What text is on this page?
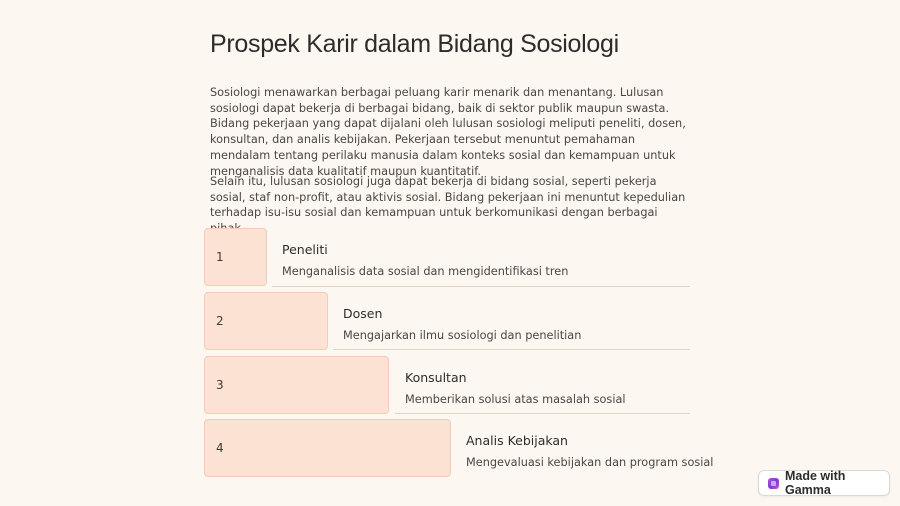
Prospek Karir dalam Bidang Sosiologi

Sosiologi menawarkan berbagai peluang karir menarik dan menantang. Lulusan sosiologi dapat bekerja di berbagai bidang, baik di sektor publik maupun swasta. Bidang pekerjaan yang dapat dijalani oleh lulusan sosiologi meliputi peneliti, dosen, konsultan, dan analis kebijakan. Pekerjaan tersebut menuntut pemahaman mendalam tentang perilaku manusia dalam konteks sosial dan kemampuan untuk menganalisis data kualitatif maupun kuantitatif.

Selain itu, lulusan sosiologi juga dapat bekerja di bidang sosial, seperti pekerja sosial, staf non-profit, atau aktivis sosial. Bidang pekerjaan ini menuntut kepedulian terhadap isu-isu sosial dan kemampuan untuk berkomunikasi dengan berbagai

1	Peneliti
Menganalisis data sosial dan mengidentifikasi tren
2	Dosen
Mengajarkan ilmu sosiologi dan penelitian
3	Konsultan
Memberikan solusi atas masalah sosial
4	Analis Kebijakan
Mengevaluasi kebijakan dan program sosial
Made with Gamma
